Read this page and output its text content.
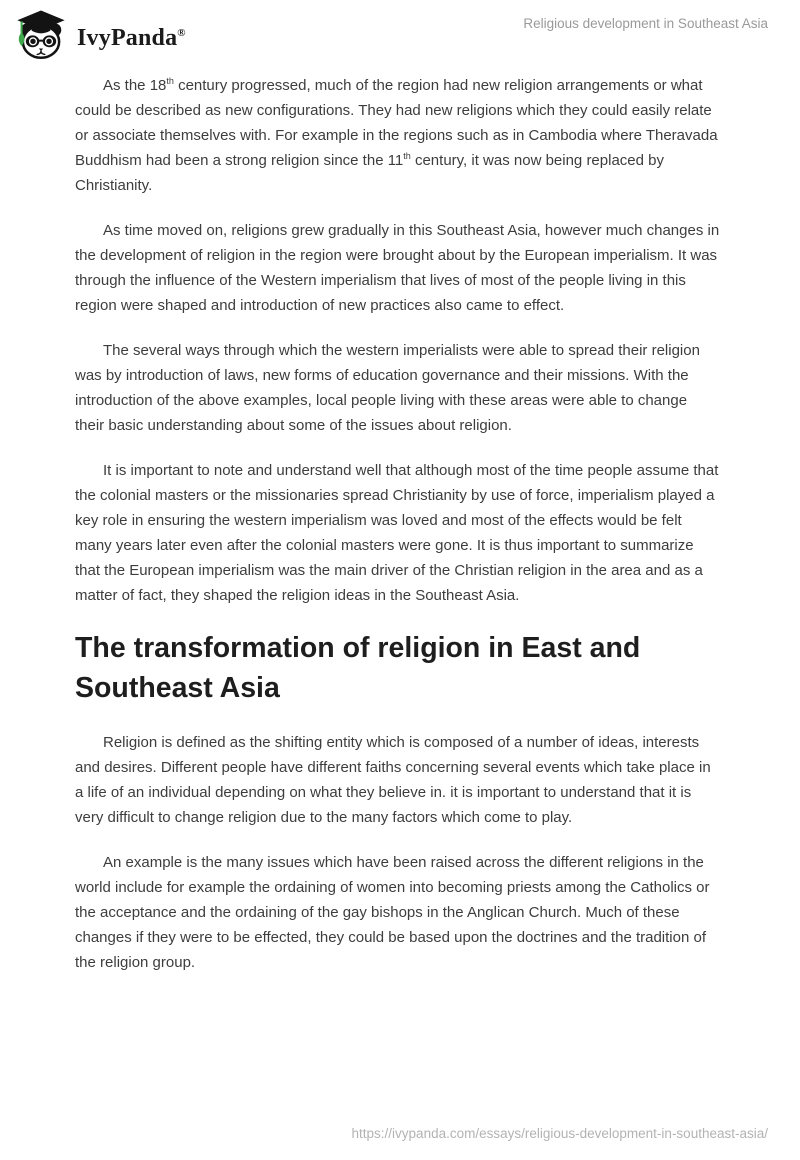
IvyPanda®
Religious development in Southeast Asia

As the 18th century progressed, much of the region had new religion arrangements or what could be described as new configurations. They had new religions which they could easily relate or associate themselves with. For example in the regions such as in Cambodia where Theravada Buddhism had been a strong religion since the 11th century, it was now being replaced by Christianity.

As time moved on, religions grew gradually in this Southeast Asia, however much changes in the development of religion in the region were brought about by the European imperialism. It was through the influence of the Western imperialism that lives of most of the people living in this region were shaped and introduction of new practices also came to effect.

The several ways through which the western imperialists were able to spread their religion was by introduction of laws, new forms of education governance and their missions. With the introduction of the above examples, local people living with these areas were able to change their basic understanding about some of the issues about religion.

It is important to note and understand well that although most of the time people assume that the colonial masters or the missionaries spread Christianity by use of force, imperialism played a key role in ensuring the western imperialism was loved and most of the effects would be felt many years later even after the colonial masters were gone. It is thus important to summarize that the European imperialism was the main driver of the Christian religion in the area and as a matter of fact, they shaped the religion ideas in the Southeast Asia.

The transformation of religion in East and Southeast Asia

Religion is defined as the shifting entity which is composed of a number of ideas, interests and desires. Different people have different faiths concerning several events which take place in a life of an individual depending on what they believe in. it is important to understand that it is very difficult to change religion due to the many factors which come to play.

An example is the many issues which have been raised across the different religions in the world include for example the ordaining of women into becoming priests among the Catholics or the acceptance and the ordaining of the gay bishops in the Anglican Church. Much of these changes if they were to be effected, they could be based upon the doctrines and the tradition of the religion group.

https://ivypanda.com/essays/religious-development-in-southeast-asia/
